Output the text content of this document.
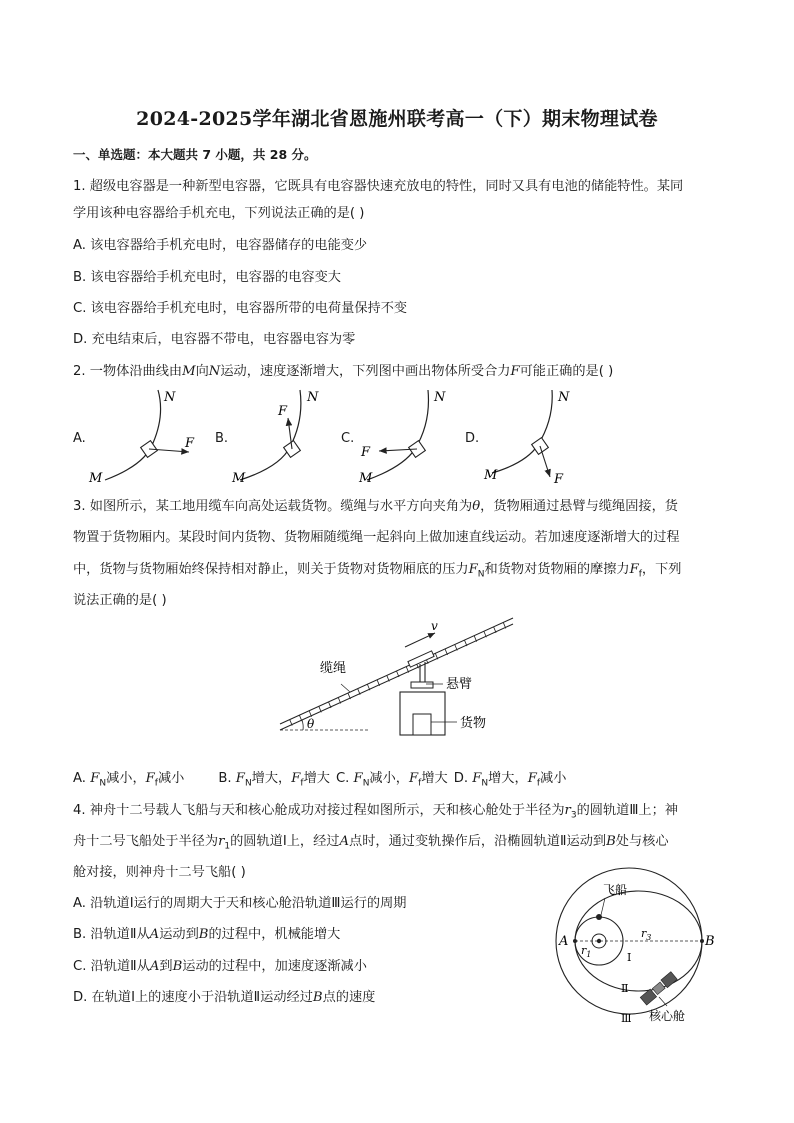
2024-2025学年湖北省恩施州联考高一（下）期末物理试卷
一、单选题：本大题共 7 小题，共 28 分。
1. 超级电容器是一种新型电容器，它既具有电容器快速充放电的特性，同时又具有电池的储能特性。某同
学用该种电容器给手机充电，下列说法正确的是( )
A. 该电容器给手机充电时，电容器储存的电能变少
B. 该电容器给手机充电时，电容器的电容变大
C. 该电容器给手机充电时，电容器所带的电荷量保持不变
D. 充电结束后，电容器不带电，电容器电容为零
2. 一物体沿曲线由M向N运动，速度逐渐增大，下列图中画出物体所受合力F可能正确的是( )
A.	B.	C.	D.
F
M
N
F
M
N
F
M
N
F
M
N
3. 如图所示，某工地用缆车向高处运载货物。缆绳与水平方向夹角为θ，货物厢通过悬臂与缆绳固接，货
物置于货物厢内。某段时间内货物、货物厢随缆绳一起斜向上做加速直线运动。若加速度逐渐增大的过程
中，货物与货物厢始终保持相对静止，则关于货物对货物厢底的压力$F_N$和货物对货物厢的摩擦力$F_f$，下列
说法正确的是( )
θ
v
缆绳
悬臂
货物
A. $F_N$减小，$F_f$减小	B. $F_N$增大，$F_f$增大 C. $F_N$减小，$F_f$增大 D. $F_N$增大，$F_f$减小
4. 神舟十二号载人飞船与天和核心舱成功对接过程如图所示，天和核心舱处于半径为$r_3$的圆轨道Ⅲ上；神
舟十二号飞船处于半径为$r_1$的圆轨道Ⅰ上，经过A点时，通过变轨操作后，沿椭圆轨道Ⅱ运动到B处与核心
舱对接，则神舟十二号飞船( )
A. 沿轨道Ⅰ运行的周期大于天和核心舱沿轨道Ⅲ运行的周期
B. 沿轨道Ⅱ从A运动到B的过程中，机械能增大
C. 沿轨道Ⅱ从A到B运动的过程中，加速度逐渐减小
D. 在轨道Ⅰ上的速度小于沿轨道Ⅱ运动经过B点的速度
飞船
A	B
$r_1$
$r_3$
Ⅰ
Ⅱ
Ⅲ 核心舱
